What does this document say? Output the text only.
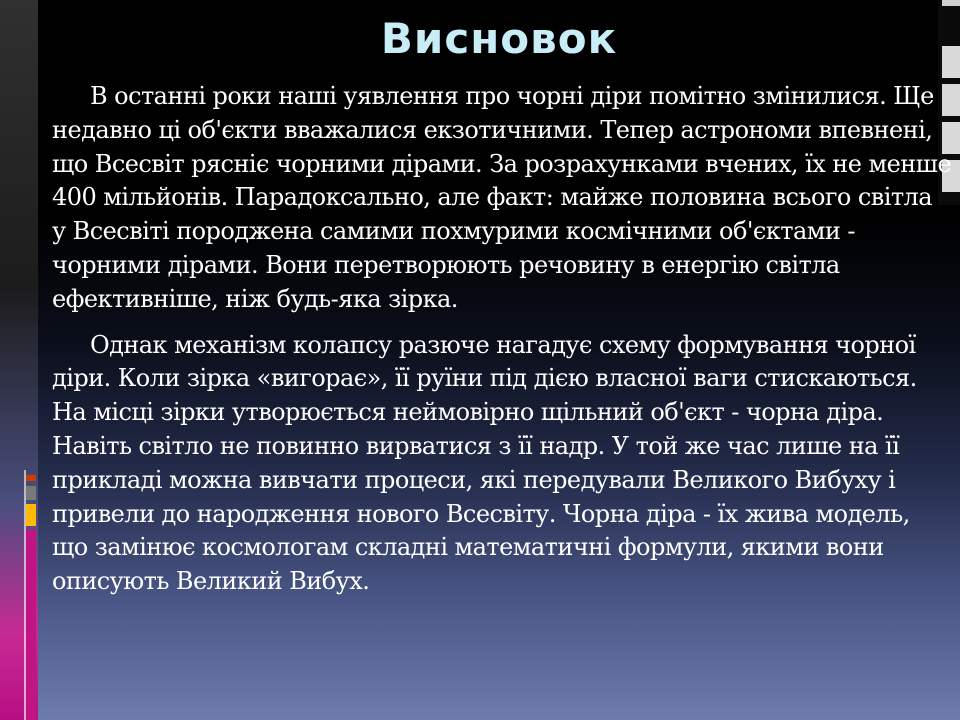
Висновок

В останні роки наші уявлення про чорні діри помітно змінилися. Ще недавно ці об'єкти вважалися екзотичними. Тепер астрономи впевнені, що Всесвіт рясніє чорними дірами. За розрахунками вчених, їх не менше 400 мільйонів. Парадоксально, але факт: майже половина всього світла у Всесвіті породжена самими похмурими космічними об'єктами - чорними дірами. Вони перетворюють речовину в енергію світла ефективніше, ніж будь-яка зірка.

Однак механізм колапсу разюче нагадує схему формування чорної діри. Коли зірка «вигорає», її руїни під дією власної ваги стискаються. На місці зірки утворюється неймовірно щільний об'єкт - чорна діра. Навіть світло не повинно вирватися з її надр. У той же час лише на її прикладі можна вивчати процеси, які передували Великого Вибуху і привели до народження нового Всесвіту. Чорна діра - їх жива модель, що замінює космологам складні математичні формули, якими вони описують Великий Вибух.
